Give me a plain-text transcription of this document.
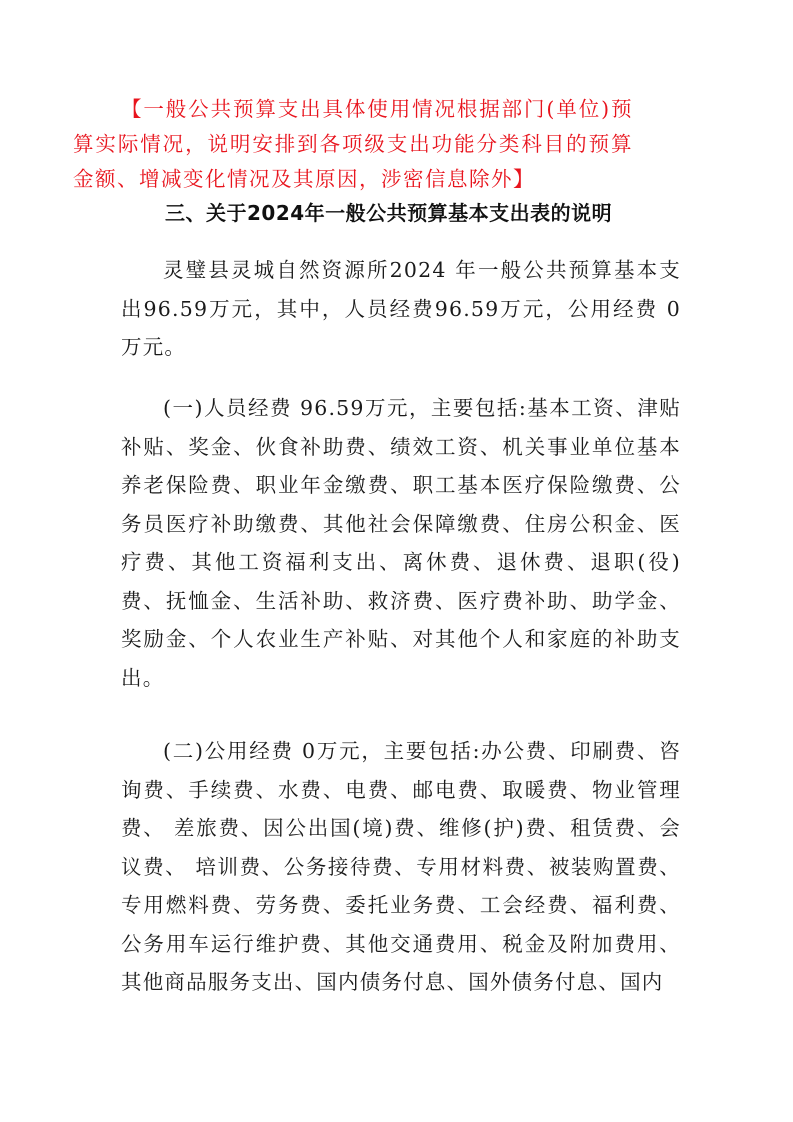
【一般公共预算支出具体使用情况根据部门(单位)预算实际情况，说明安排到各项级支出功能分类科目的预算金额、增减变化情况及其原因，涉密信息除外】
三、关于2024年一般公共预算基本支出表的说明

灵璧县灵城自然资源所2024 年一般公共预算基本支出96.59万元，其中，人员经费96.59万元，公用经费 0万元。

(一)人员经费 96.59万元，主要包括:基本工资、津贴补贴、奖金、伙食补助费、绩效工资、机关事业单位基本养老保险费、职业年金缴费、职工基本医疗保险缴费、公务员医疗补助缴费、其他社会保障缴费、住房公积金、医疗费、其他工资福利支出、离休费、退休费、退职(役)费、抚恤金、生活补助、救济费、医疗费补助、助学金、奖励金、个人农业生产补贴、对其他个人和家庭的补助支出。

(二)公用经费 0万元，主要包括:办公费、印刷费、咨询费、手续费、水费、电费、邮电费、取暖费、物业管理费、 差旅费、因公出国(境)费、维修(护)费、租赁费、会议费、 培训费、公务接待费、专用材料费、被装购置费、专用燃料费、劳务费、委托业务费、工会经费、福利费、公务用车运行维护费、其他交通费用、税金及附加费用、其他商品服务支出、国内债务付息、国外债务付息、国内
